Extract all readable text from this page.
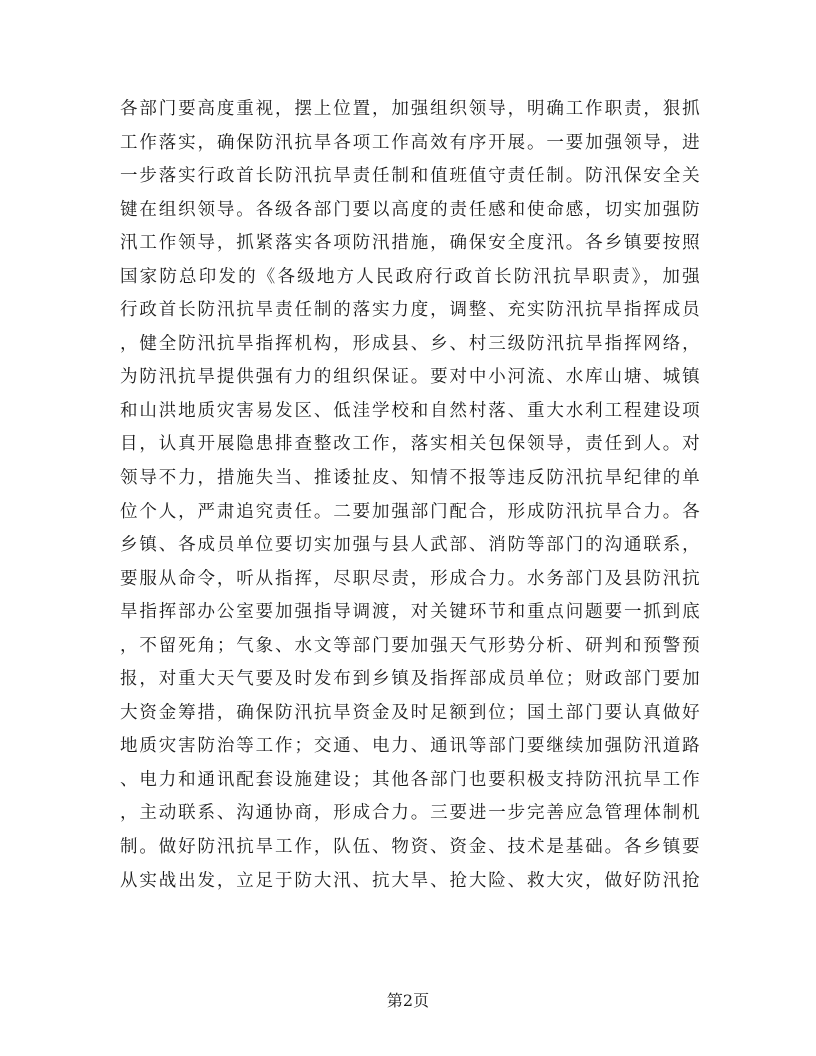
各部门要高度重视，摆上位置，加强组织领导，明确工作职责，狠抓
工作落实，确保防汛抗旱各项工作高效有序开展。一要加强领导，进
一步落实行政首长防汛抗旱责任制和值班值守责任制。防汛保安全关
键在组织领导。各级各部门要以高度的责任感和使命感，切实加强防
汛工作领导，抓紧落实各项防汛措施，确保安全度汛。各乡镇要按照
国家防总印发的《各级地方人民政府行政首长防汛抗旱职责》，加强
行政首长防汛抗旱责任制的落实力度，调整、充实防汛抗旱指挥成员
，健全防汛抗旱指挥机构，形成县、乡、村三级防汛抗旱指挥网络，
为防汛抗旱提供强有力的组织保证。要对中小河流、水库山塘、城镇
和山洪地质灾害易发区、低洼学校和自然村落、重大水利工程建设项
目，认真开展隐患排查整改工作，落实相关包保领导，责任到人。对
领导不力，措施失当、推诿扯皮、知情不报等违反防汛抗旱纪律的单
位个人，严肃追究责任。二要加强部门配合，形成防汛抗旱合力。各
乡镇、各成员单位要切实加强与县人武部、消防等部门的沟通联系，
要服从命令，听从指挥，尽职尽责，形成合力。水务部门及县防汛抗
旱指挥部办公室要加强指导调渡，对关键环节和重点问题要一抓到底
，不留死角；气象、水文等部门要加强天气形势分析、研判和预警预
报，对重大天气要及时发布到乡镇及指挥部成员单位；财政部门要加
大资金筹措，确保防汛抗旱资金及时足额到位；国土部门要认真做好
地质灾害防治等工作；交通、电力、通讯等部门要继续加强防汛道路
、电力和通讯配套设施建设；其他各部门也要积极支持防汛抗旱工作
，主动联系、沟通协商，形成合力。三要进一步完善应急管理体制机
制。做好防汛抗旱工作，队伍、物资、资金、技术是基础。各乡镇要
从实战出发，立足于防大汛、抗大旱、抢大险、救大灾，做好防汛抢
第2页
